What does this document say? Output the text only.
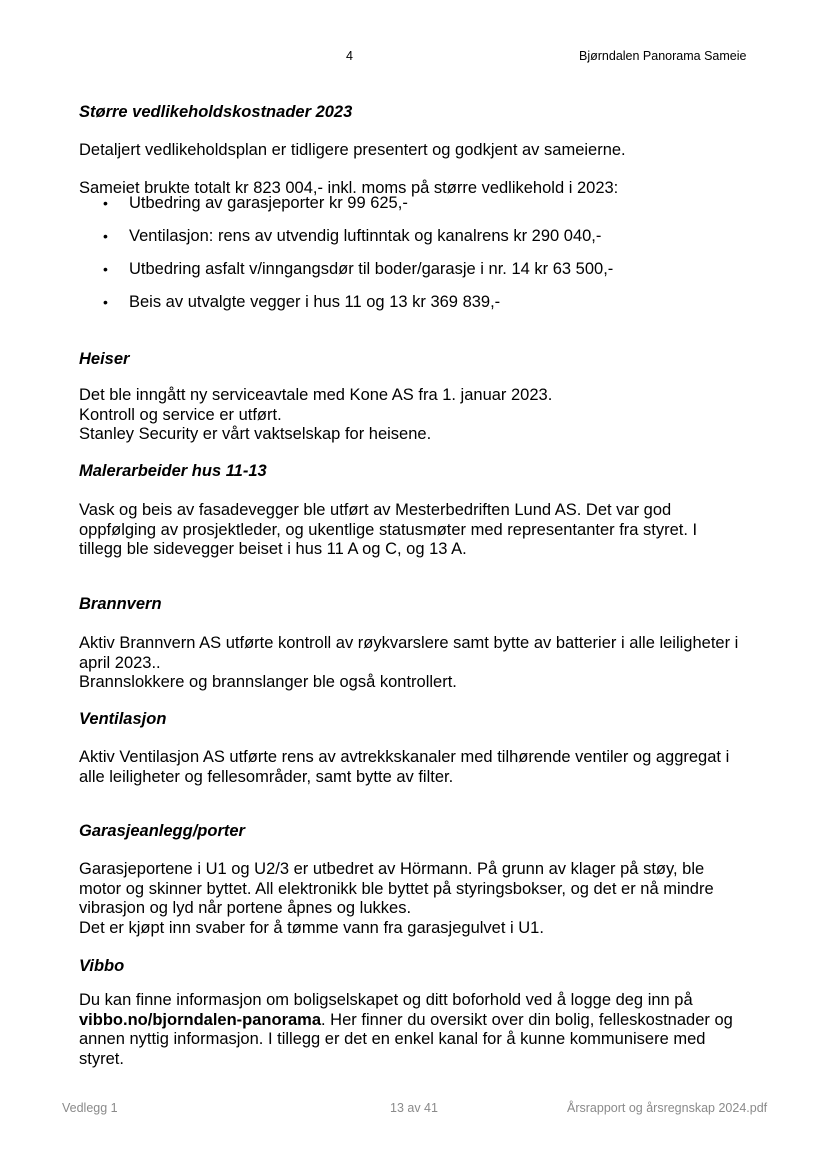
4	Bjørndalen Panorama Sameie
Større vedlikeholdskostnader 2023
Detaljert vedlikeholdsplan er tidligere presentert og godkjent av sameierne.
Sameiet brukte totalt kr 823 004,- inkl. moms på større vedlikehold i 2023:
• Utbedring av garasjeporter kr 99 625,-
• Ventilasjon: rens av utvendig luftinntak og kanalrens kr 290 040,-
• Utbedring asfalt v/inngangsdør til boder/garasje i nr. 14 kr 63 500,-
• Beis av utvalgte vegger i hus 11 og 13 kr 369 839,-
Heiser
Det ble inngått ny serviceavtale med Kone AS fra 1. januar 2023.
Kontroll og service er utført.
Stanley Security er vårt vaktselskap for heisene.
Malerarbeider hus 11-13
Vask og beis av fasadevegger ble utført av Mesterbedriften Lund AS. Det var god
oppfølging av prosjektleder, og ukentlige statusmøter med representanter fra styret. I
tillegg ble sidevegger beiset i hus 11 A og C, og 13 A.
Brannvern
Aktiv Brannvern AS utførte kontroll av røykvarslere samt bytte av batterier i alle leiligheter i
april 2023..
Brannslokkere og brannslanger ble også kontrollert.
Ventilasjon
Aktiv Ventilasjon AS utførte rens av avtrekkskanaler med tilhørende ventiler og aggregat i
alle leiligheter og fellesområder, samt bytte av filter.
Garasjeanlegg/porter
Garasjeportene i U1 og U2/3 er utbedret av Hörmann. På grunn av klager på støy, ble
motor og skinner byttet. All elektronikk ble byttet på styringsbokser, og det er nå mindre
vibrasjon og lyd når portene åpnes og lukkes.
Det er kjøpt inn svaber for å tømme vann fra garasjegulvet i U1.
Vibbo
Du kan finne informasjon om boligselskapet og ditt boforhold ved å logge deg inn på
vibbo.no/bjorndalen-panorama. Her finner du oversikt over din bolig, felleskostnader og
annen nyttig informasjon. I tillegg er det en enkel kanal for å kunne kommunisere med
styret.
Vedlegg 1	13 av 41	Årsrapport og årsregnskap 2024.pdf
